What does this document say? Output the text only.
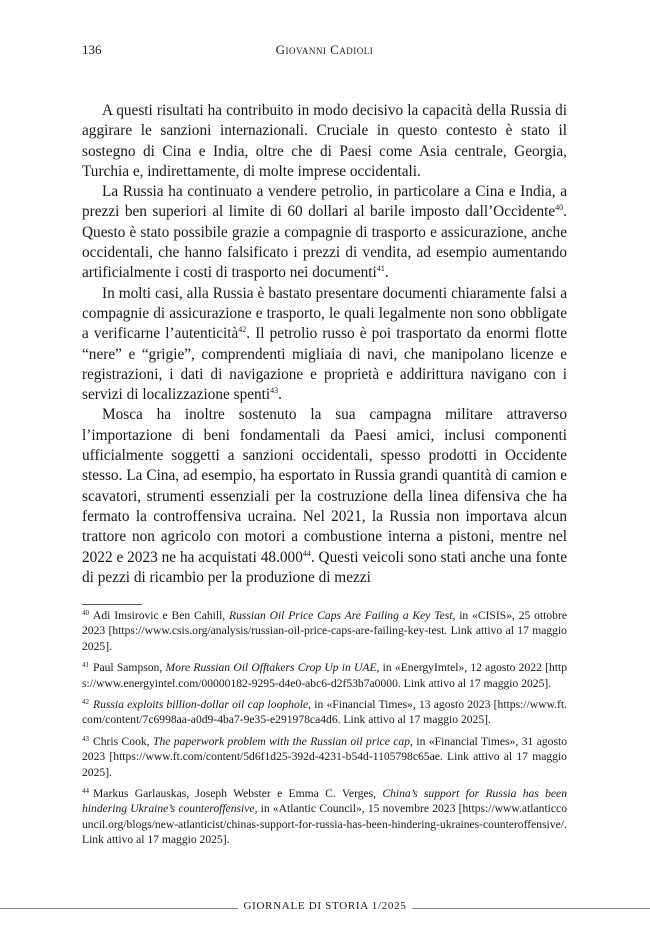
136	Giovanni Cadioli

A questi risultati ha contribuito in modo decisivo la capacità della Russia di aggirare le sanzioni internazionali. Cruciale in questo contesto è stato il sostegno di Cina e India, oltre che di Paesi come Asia centrale, Georgia, Turchia e, indirettamente, di molte imprese occidentali.

La Russia ha continuato a vendere petrolio, in particolare a Cina e India, a prezzi ben superiori al limite di 60 dollari al barile imposto dall’Occidente$^{40}$. Questo è stato possibile grazie a compagnie di trasporto e assicurazione, anche occidentali, che hanno falsificato i prezzi di vendita, ad esempio aumentando artificialmente i costi di trasporto nei documenti$^{41}$.

In molti casi, alla Russia è bastato presentare documenti chiaramente falsi a compagnie di assicurazione e trasporto, le quali legalmente non sono obbligate a verificarne l’autenticità$^{42}$. Il petrolio russo è poi trasportato da enormi flotte “nere” e “grigie”, comprendenti migliaia di navi, che manipolano licenze e registrazioni, i dati di navigazione e proprietà e addirittura navigano con i servizi di localizzazione spenti$^{43}$.

Mosca ha inoltre sostenuto la sua campagna militare attraverso l’importazione di beni fondamentali da Paesi amici, inclusi componenti ufficialmente soggetti a sanzioni occidentali, spesso prodotti in Occidente stesso. La Cina, ad esempio, ha esportato in Russia grandi quantità di camion e scavatori, strumenti essenziali per la costruzione della linea difensiva che ha fermato la controffensiva ucraina. Nel 2021, la Russia non importava alcun trattore non agricolo con motori a combustione interna a pistoni, mentre nel 2022 e 2023 ne ha acquistati 48.000$^{44}$. Questi veicoli sono stati anche una fonte di pezzi di ricambio per la produzione di mezzi

$^{40}$ Adi Imsirovic e Ben Cahill, Russian Oil Price Caps Are Failing a Key Test, in «CISIS», 25 ottobre 2023 [https://www.csis.org/analysis/russian-oil-price-caps-are-failing-key-test. Link attivo al 17 maggio 2025].

$^{41}$ Paul Sampson, More Russian Oil Offtakers Crop Up in UAE, in «EnergyImtel», 12 agosto 2022 [https://www.energyintel.com/00000182-9295-d4e0-abc6-d2f53b7a0000. Link attivo al 17 maggio 2025].

$^{42}$ Russia exploits billion-dollar oil cap loophole, in «Financial Times», 13 agosto 2023 [https://www.ft.com/content/7c6998aa-a0d9-4ba7-9e35-e291978ca4d6. Link attivo al 17 maggio 2025].

$^{43}$ Chris Cook, The paperwork problem with the Russian oil price cap, in «Financial Times», 31 agosto 2023 [https://www.ft.com/content/5d6f1d25-392d-4231-b54d-1105798c65ae. Link attivo al 17 maggio 2025].

$^{44}$ Markus Garlauskas, Joseph Webster e Emma C. Verges, China’s support for Russia has been hindering Ukraine’s counteroffensive, in «Atlantic Council», 15 novembre 2023 [https://www.atlanticcouncil.org/blogs/new-atlanticist/chinas-support-for-russia-has-been-hindering-ukraines-counteroffensive/. Link attivo al 17 maggio 2025].

GIORNALE DI STORIA 1/2025
